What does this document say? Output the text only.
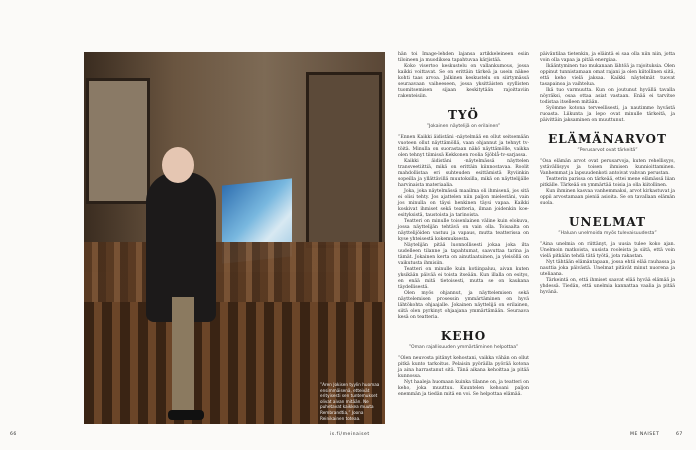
”Aren Jokisen tyylin huomaa ensimmäisenä, etteivät erityisesti sen tuntemukset olivat aivan mitään. Ne puhetavat kaikkea muuta Rembrandtia,” Joona Reinikainen toteaa.

hän toi Image-lehden lajansa artikkeleineen esiin tiloineen ja muodiksea tapahtuvaa kärjistää.

Koko visertoo keskustelu on vallankumous, jossa kaikki voittavat. Se on erittäin tärkeä ja usein näkee kohti taas arvoa. Jalkinen keskustelu on siirtymässä seuraavaan vaiheeseen, jossa yksittäisten syyllisten tuomitsemisen sijaan keskitytään rajoittaviin rakenteisiin.

TYÖ
”Jokainen näytelijä on erilainen”

”Ennen Kaikki äidistäni -näytelmää en ollut seitsemään vuoteen ollut näyttämöllä, vaan ohjannut ja tehnyt tv-töitä. Minulla on suorastaan näkö näyttämölle, vaikka olen tehnyt tiimissä Kekkonen roolia Sjöblå-tv-sarjassa.

Kaikki äidistäni -näytelmässä näyttelen transveetiittiä, mikä on erittäin kiinnostavaa. Roolit mahdollistaa eri suhteuden esittämistä Ryviinkin sopeilla ja yllättävillä muutoksilla, mikä on näyttelijälle harvinaista materiaalia.

Joka, joka näytelmässä maailma oli ihmisenä, jos sitä ei olisi tehty. Jos ajattelen niin paljon mielestäni, vain jos minulla on täysi henkinen täysi vapaa. Kaikki koskivat ihmiset sekä teatteria, ilman joidenkin koe-esityksistä, taustoista ja tarinoista.

Teatteri on minulle toisenlainen väline kuin elokuva, jossa näyttelijän tehtävä on vain olla. Toisaalta on näyttelijöiden vastuu ja vapaus, mutta teatterissa on kyse yhteisestä kokemuksesta.

Näytelijän pitää luonnollisesti jokaa joka ilta uudelleen tilanne ja tapahtumat, saavuttaa tarina ja tämät. Jokainen kerta on ainutlaatuinen, ja yleisöllä on vaikutusta ihmisiin.

Teatteri on minulle kuin kotiinpaluu, aivan kuten yksikään päivää ei toista itseään. Kun illalla on esitys, en enää mitä tietoisesti, mutta se on kaukana täydellisestä.

Olen myös ohjannut, ja näyttelemisen sekä näyttelemisen prosessin ymmärtäminen on hyvä lähtökohta ohjaajalle. Jokainen näyttelijä on erilainen, siitä olen pyrkinyt ohjaajana ymmärtämään. Seuraava kesä on teatteria.

KEHO
”Oman rajallisuuden ymmärtäminen helpottaa”

”Olen neuvosta pitänyt kehostani, vaikka vähän on ollut pitkä kunto tarkoitus. Pelaisin pyöräilla pyörää kotona ja aina harrastanut sitä. Tänä aikana kehoittaa ja pitää kunnossa.

Nyt haaleja huomaan kuinka tilanne on, ja teatteri on keho, joka muuttuu. Kuuntelen kehoani paljon enemmän ja tiedän mitä en voi. Se helpottaa elämää.

päiväntilaa tietenkin, ja eläintä ei saa olla niin niin, jotta voin olla vapaa ja pitää energiaa.

Ikääntyminen tuo mukanaan lähtöä ja rajoituksia. Olen oppinut tunnistamaan omat rajani ja olen kiitollinen siitä, että keho vielä jaksaa. Kaikki näytelmät tuovat tasapainoa ja vaihtelua.

Ikä tuo varmuutta. Kun on joutunut hyvällä tavalla nöyräksi, osaa ottaa asiat vastaan. Enää ei tarvitse todistaa itselleen mitään.

Syömme kotona terveellisesti, ja nautimme hyvästä ruoasta. Liikunta ja lepo ovat minulle tärkeitä, ja päivittäin jaksaminen on muuttunut.

ELÄMÄNARVOT
”Perusarvot ovat tärkeitä”

”Osa elämän arvot ovat perusarvoja, kuten rehellisyys, ystävällisyys ja toisen ihmisen kunnioittaminen. Vanhemmat ja lapsuudenkoti antoivat vahvan perustan.

Teatterin parissa on tärkeää, ettei mene elämässä liian pitkälle. Tärkeää on ymmärtää toisia ja olla kiitollinen.

Kun ihminen kasvaa vanhemmaksi, arvot kirkastuvat ja oppii arvostamaan pieniä asioita. Se on tavallaan elämän suola.

UNELMAT
”Haluan unelmoida myös tulevaisuudesta”

”Aina unelmia on riittänyt, ja uusia tulee koko ajan. Unelmoin matkoista, uusista rooleista ja siitä, että voin vielä pitkään tehdä tätä työtä, jota rakastan.

Nyt tähtään elämäntapaan, jossa ehtii elää rauhassa ja nauttia joka päivästä. Unelmat pitävät minut nuorena ja uteliaana.

Tärkeintä on, että ihmiset saavat elää hyvää elämää ja yhdessä. Tiedän, että unelmia kannattaa vaalia ja pitää hyvänä.

66	is.fi/meinaiset	ME NAISET	67
